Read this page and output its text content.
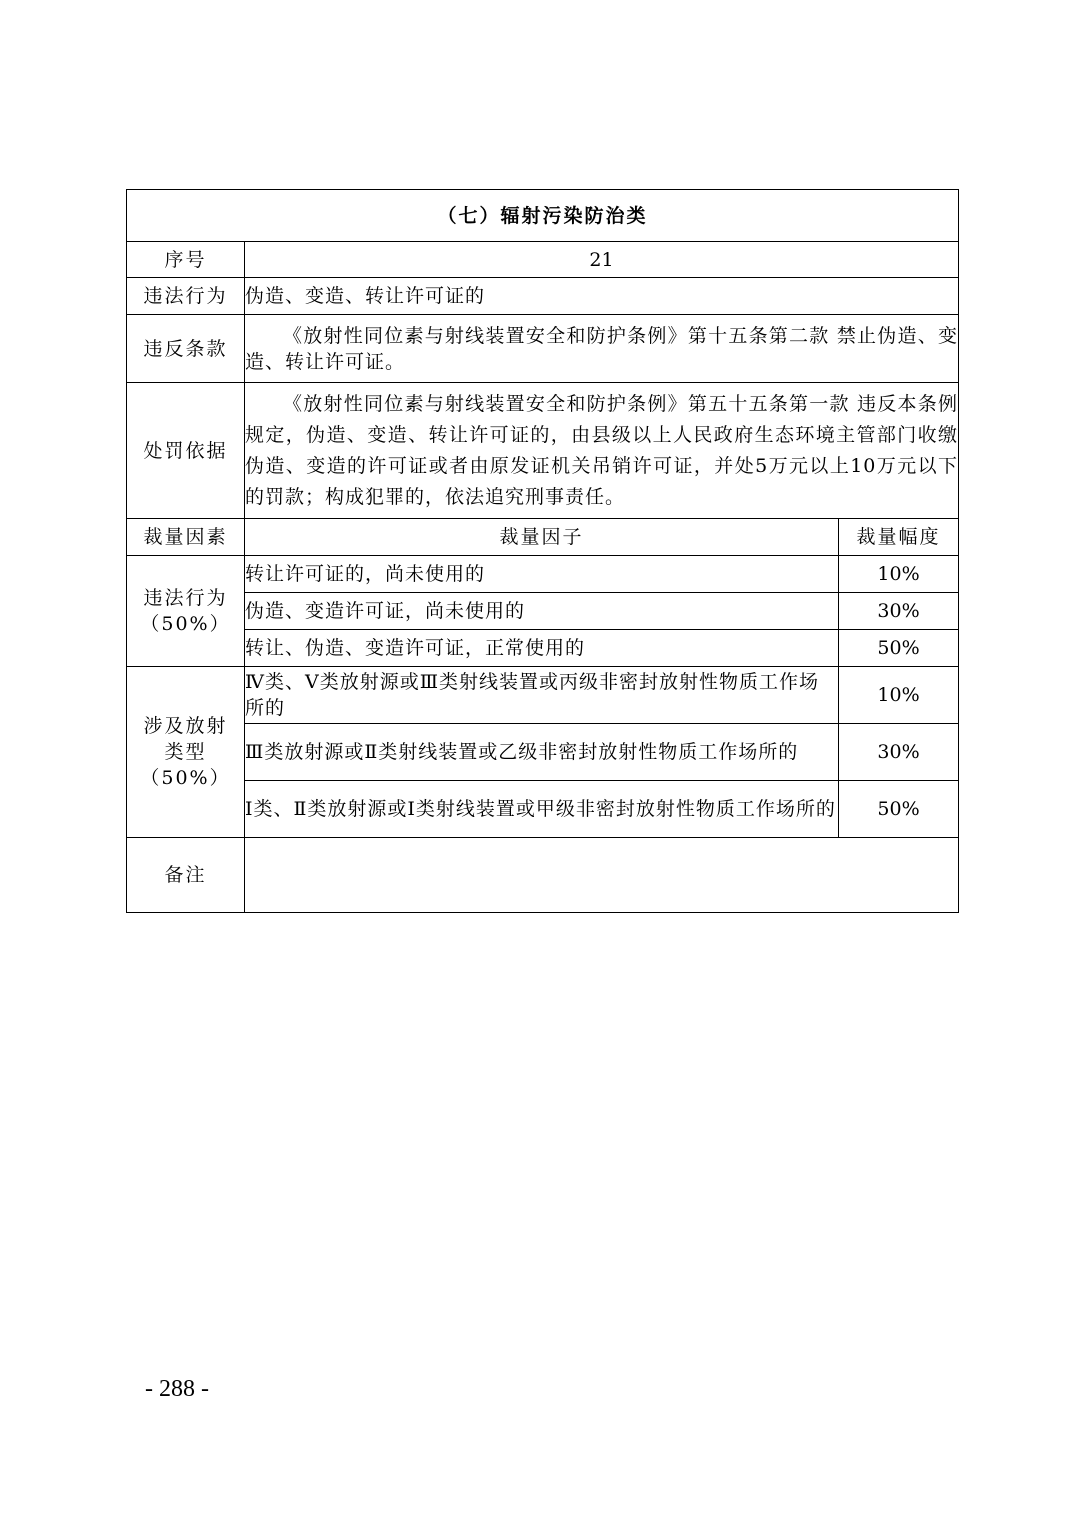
（七）辐射污染防治类		
序号	21	
违法行为	伪造、变造、转让许可证的	
违反条款	《放射性同位素与射线装置安全和防护条例》第十五条第二款 禁止伪造、变造、转让许可证。	
处罚依据	《放射性同位素与射线装置安全和防护条例》第五十五条第一款 违反本条例规定，伪造、变造、转让许可证的，由县级以上人民政府生态环境主管部门收缴伪造、变造的许可证或者由原发证机关吊销许可证，并处5万元以上10万元以下的罚款；构成犯罪的，依法追究刑事责任。	
裁量因素	裁量因子	裁量幅度

违法行为
（50%）	转让许可证的，尚未使用的	10%
	伪造、变造许可证，尚未使用的	30%
	转让、伪造、变造许可证，正常使用的	50%

涉及放射
类型
（50%）	Ⅳ类、Ⅴ类放射源或Ⅲ类射线装置或丙级非密封放射性物质工作场所的	10%
	Ⅲ类放射源或Ⅱ类射线装置或乙级非密封放射性物质工作场所的	30%
	Ⅰ类、Ⅱ类放射源或Ⅰ类射线装置或甲级非密封放射性物质工作场所的	50%
备注		
- 288 -
